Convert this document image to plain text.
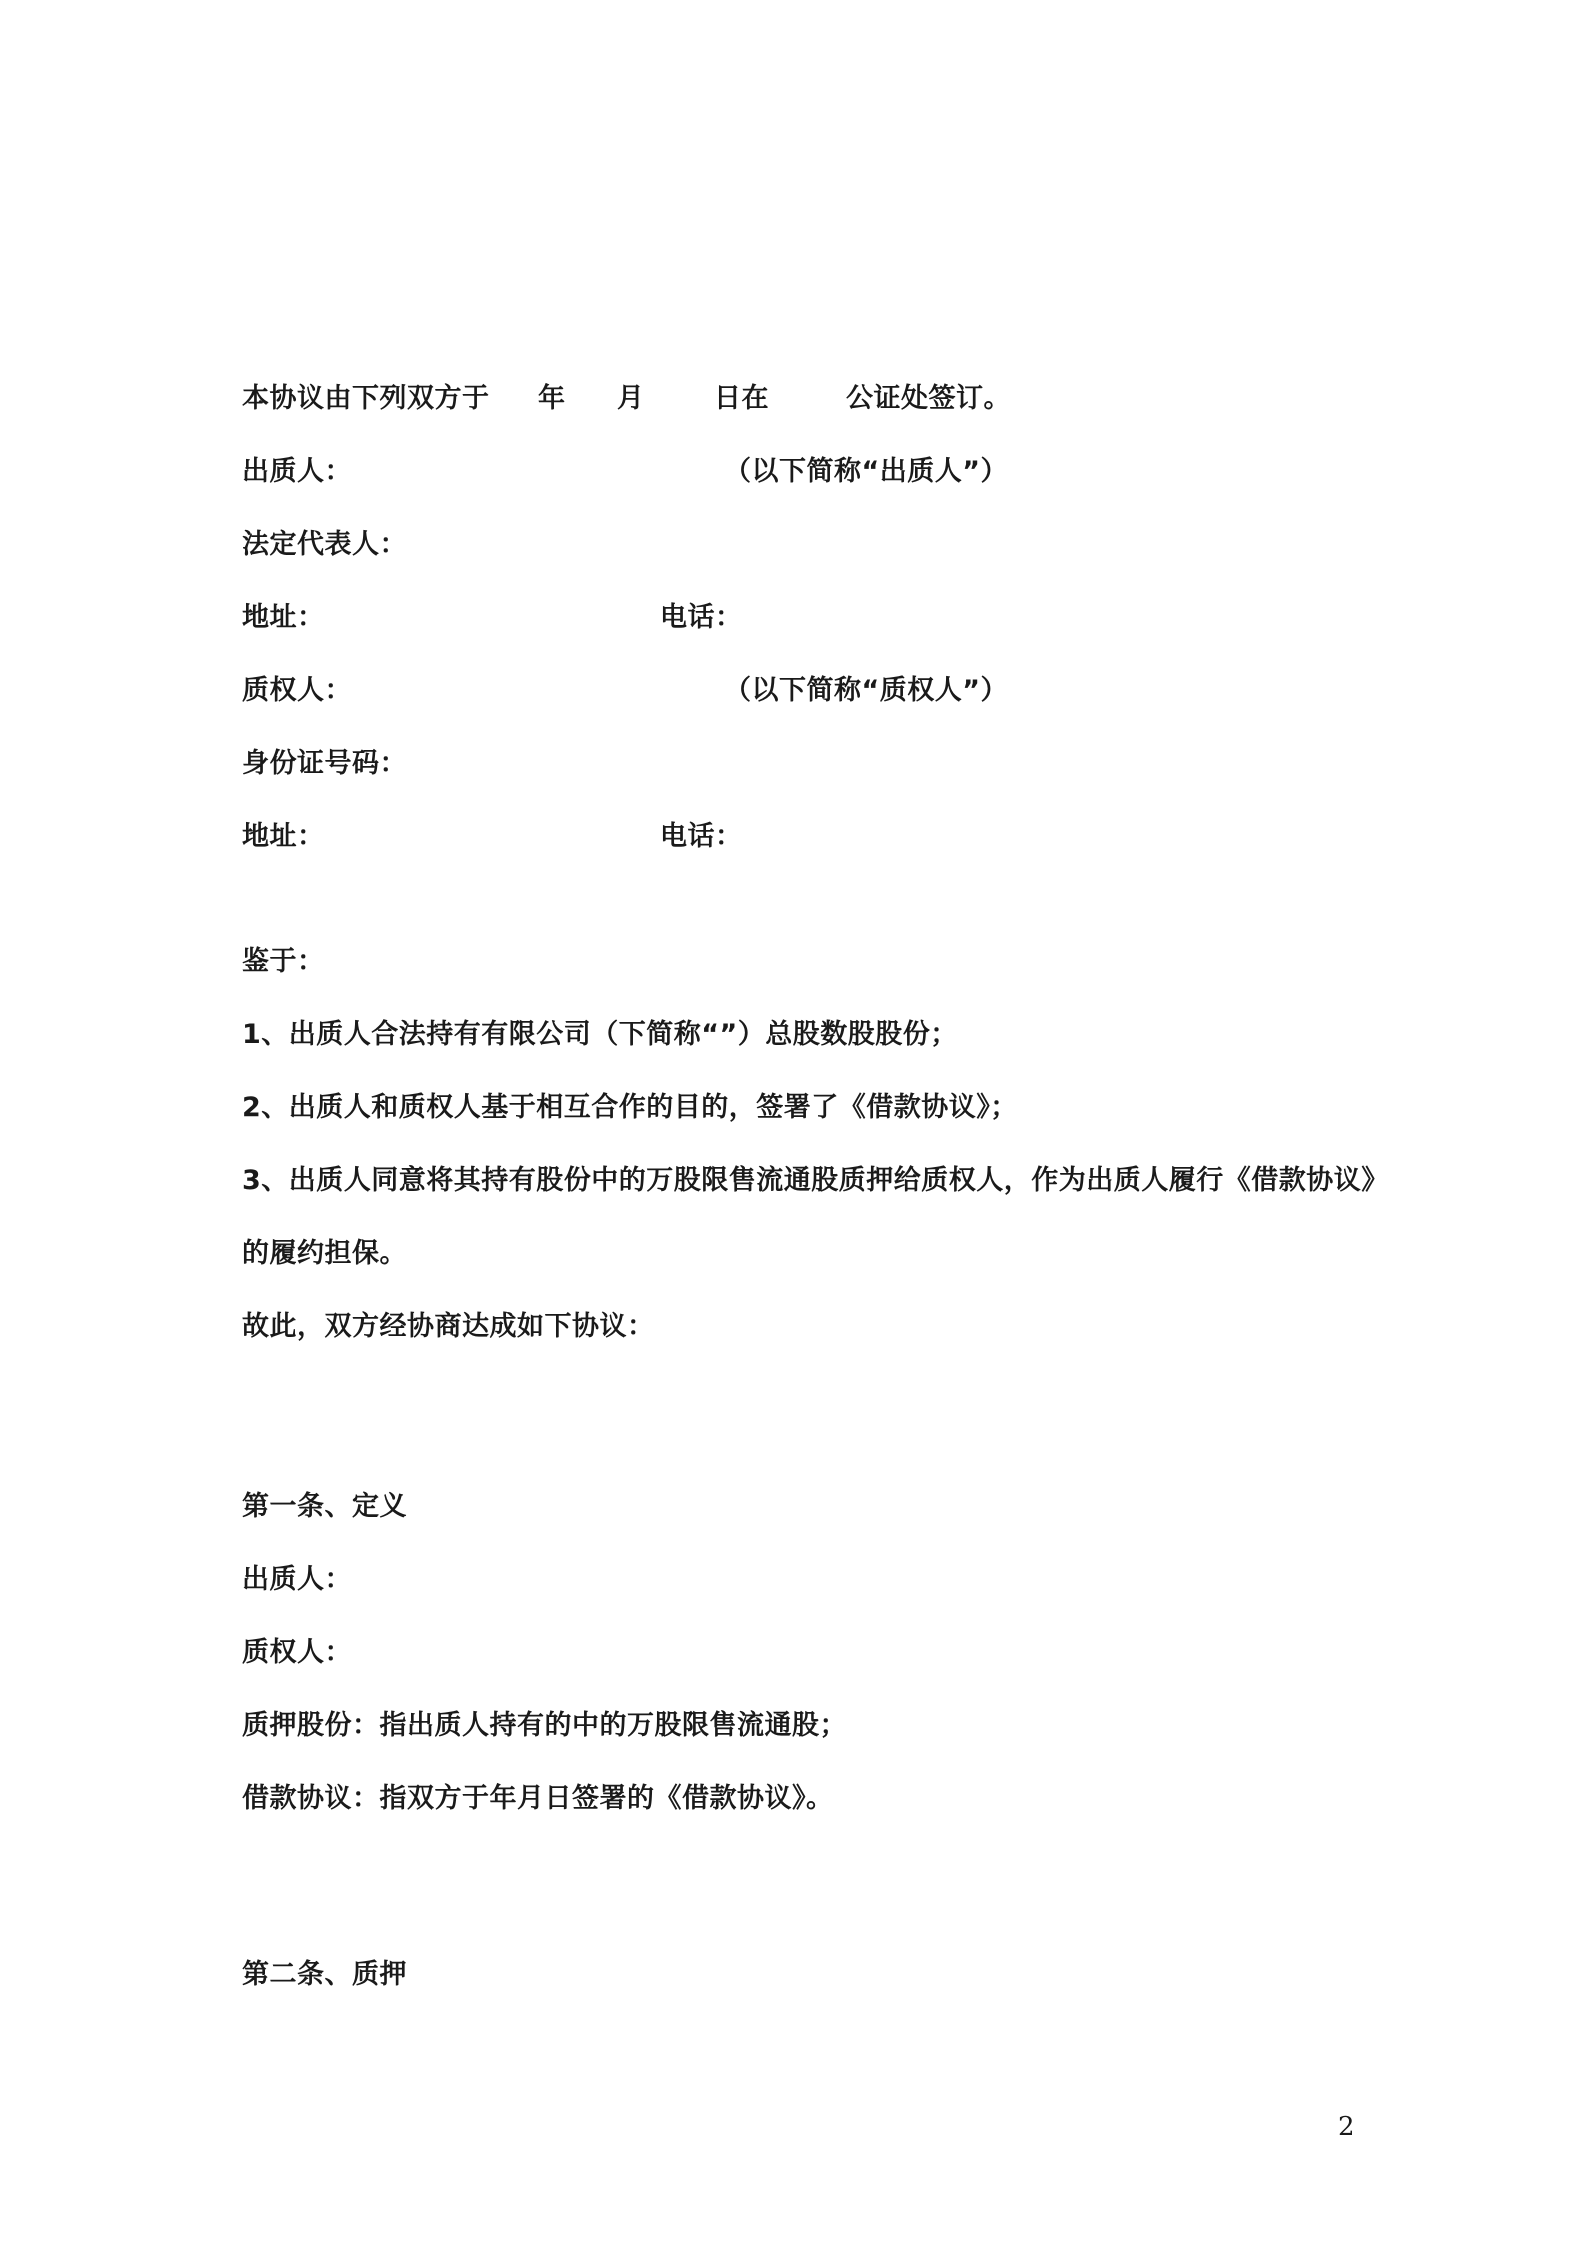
本协议由下列双方于 年 月	日在	公证处签订。
出质人：	（以下简称“出质人”）
法定代表人：
地址：	电话：
质权人：	（以下简称“质权人”）
身份证号码：
地址：	电话：
鉴于：
1、出质人合法持有有限公司（下简称“”）总股数股股份；
2、出质人和质权人基于相互合作的目的，签署了《借款协议》；
3、出质人同意将其持有股份中的万股限售流通股质押给质权人，作为出质人履行《借款协议》
的履约担保。
故此，双方经协商达成如下协议：
第一条、定义
出质人：
质权人：
质押股份：指出质人持有的中的万股限售流通股；
借款协议：指双方于年月日签署的《借款协议》。
第二条、质押
2
